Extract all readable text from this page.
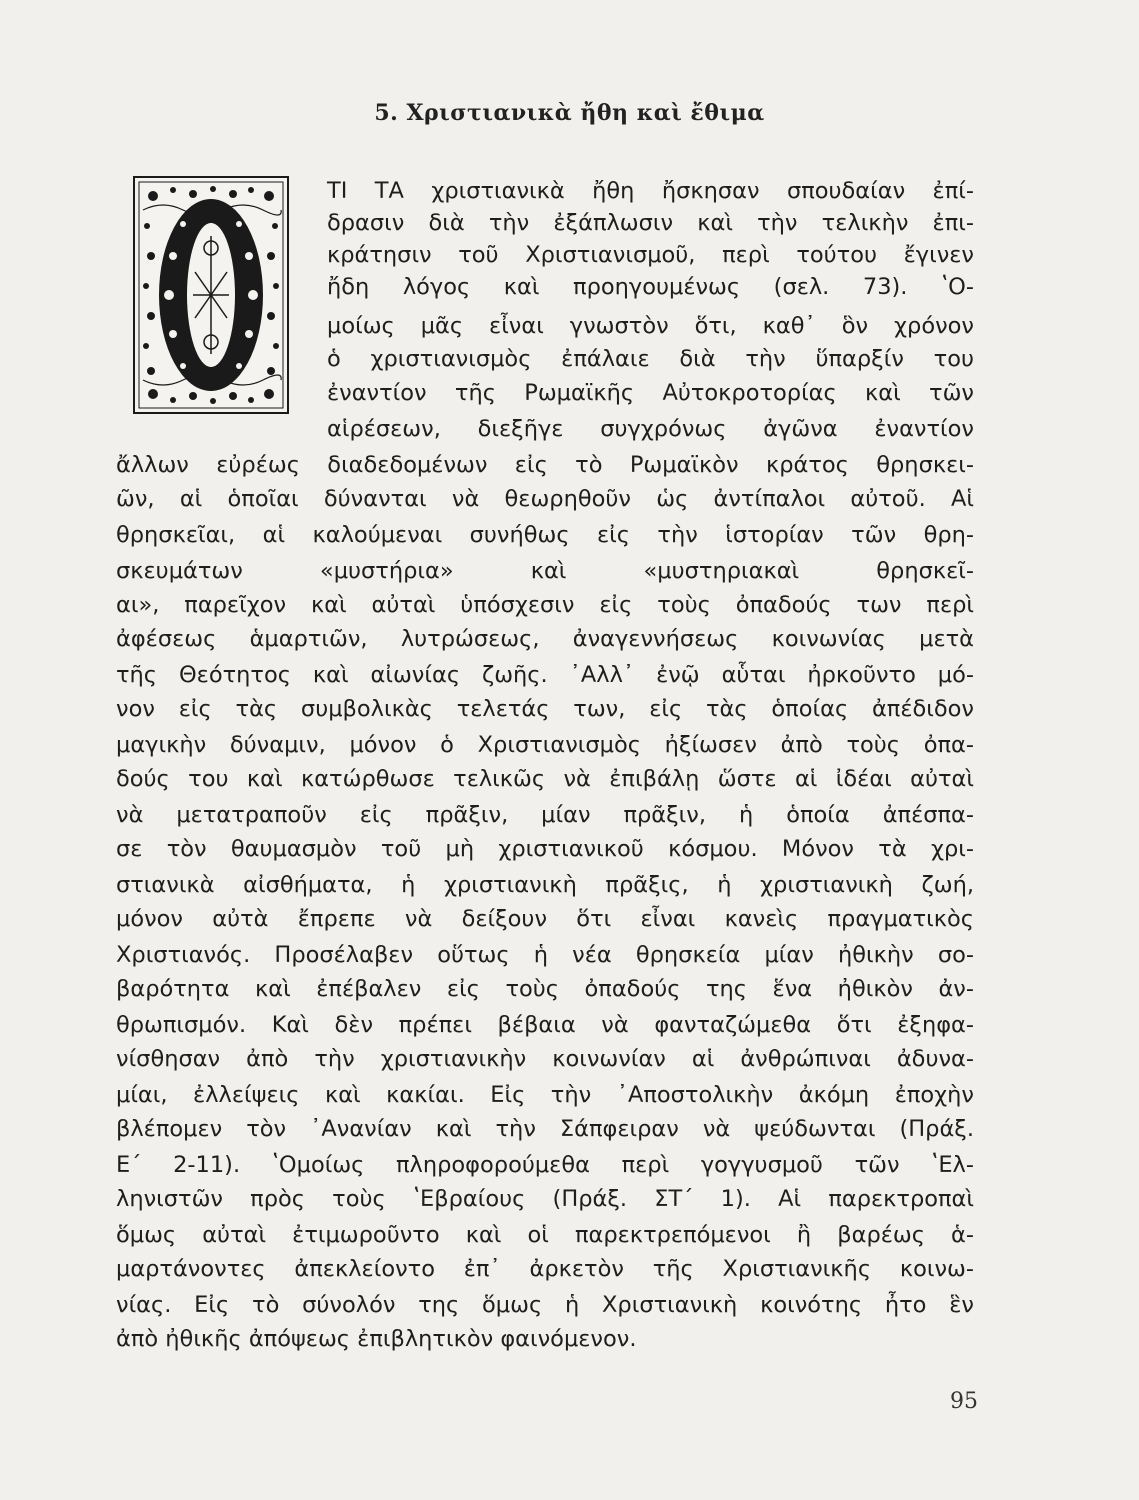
5. Χριστιανικὰ ἤθη καὶ ἔθιμα
ΤΙ ΤΑ χριστιανικὰ ἤθη ἤσκησαν σπουδαίαν ἐπί-
δρασιν διὰ τὴν ἐξάπλωσιν καὶ τὴν τελικὴν ἐπι-
κράτησιν τοῦ Χριστιανισμοῦ, περὶ τούτου ἔγινεν
ἤδη λόγος καὶ προηγουμένως (σελ. 73). ʽΟ-
μοίως μᾶς εἶναι γνωστὸν ὅτι, καθ᾿ ὃν χρόνον
ὁ χριστιανισμὸς ἐπάλαιε διὰ τὴν ὕπαρξίν του
ἐναντίον τῆς Ρωμαϊκῆς Αὐτοκροτορίας καὶ τῶν
αἱρέσεων, διεξῆγε συγχρόνως ἀγῶνα ἐναντίον
ἄλλων εὐρέως διαδεδομένων εἰς τὸ Ρωμαϊκὸν κράτος θρησκει-
ῶν, αἱ ὁποῖαι δύνανται νὰ θεωρηθοῦν ὡς ἀντίπαλοι αὐτοῦ. Αἱ
θρησκεῖαι, αἱ καλούμεναι συνήθως εἰς τὴν ἱστορίαν τῶν θρη-
σκευμάτων «μυστήρια» καὶ «μυστηριακαὶ θρησκεῖ-
αι», παρεῖχον καὶ αὐταὶ ὑπόσχεσιν εἰς τοὺς ὀπαδούς των περὶ
ἀφέσεως ἁμαρτιῶν, λυτρώσεως, ἀναγεννήσεως κοινωνίας μετὰ
τῆς Θεότητος καὶ αἰωνίας ζωῆς. ᾿Αλλ᾿ ἐνῷ αὗται ἠρκοῦντο μό-
νον εἰς τὰς συμβολικὰς τελετάς των, εἰς τὰς ὁποίας ἀπέδιδον
μαγικὴν δύναμιν, μόνον ὁ Χριστιανισμὸς ἠξίωσεν ἀπὸ τοὺς ὀπα-
δούς του καὶ κατώρθωσε τελικῶς νὰ ἐπιβάλῃ ὥστε αἱ ἰδέαι αὐταὶ
νὰ μετατραποῦν εἰς πρᾶξιν, μίαν πρᾶξιν, ἡ ὁποία ἀπέσπα-
σε τὸν θαυμασμὸν τοῦ μὴ χριστιανικοῦ κόσμου. Μόνον τὰ χρι-
στιανικὰ αἰσθήματα, ἡ χριστιανικὴ πρᾶξις, ἡ χριστιανικὴ ζωή,
μόνον αὐτὰ ἔπρεπε νὰ δείξουν ὅτι εἶναι κανεὶς πραγματικὸς
Χριστιανός. Προσέλαβεν οὕτως ἡ νέα θρησκεία μίαν ἠθικὴν σο-
βαρότητα καὶ ἐπέβαλεν εἰς τοὺς ὀπαδούς της ἕνα ἠθικὸν ἀν-
θρωπισμόν. Καὶ δὲν πρέπει βέβαια νὰ φανταζώμεθα ὅτι ἐξηφα-
νίσθησαν ἀπὸ τὴν χριστιανικὴν κοινωνίαν αἱ ἀνθρώπιναι ἀδυνα-
μίαι, ἐλλείψεις καὶ κακίαι. Εἰς τὴν ᾿Αποστολικὴν ἀκόμη ἐποχὴν
βλέπομεν τὸν ᾿Ανανίαν καὶ τὴν Σάπφειραν νὰ ψεύδωνται (Πράξ.
Ε΄ 2-11). ʽΟμοίως πληροφορούμεθα περὶ γογγυσμοῦ τῶν ʽΕλ-
ληνιστῶν πρὸς τοὺς ʽΕβραίους (Πράξ. ΣΤ΄ 1). Αἱ παρεκτροπαὶ
ὅμως αὐταὶ ἐτιμωροῦντο καὶ οἱ παρεκτρεπόμενοι ἢ βαρέως ἁ-
μαρτάνοντες ἀπεκλείοντο ἐπ᾿ ἀρκετὸν τῆς Χριστιανικῆς κοινω-
νίας. Εἰς τὸ σύνολόν της ὅμως ἡ Χριστιανικὴ κοινότης ἦτο ἓν
ἀπὸ ἠθικῆς ἀπόψεως ἐπιβλητικὸν φαινόμενον.
95
